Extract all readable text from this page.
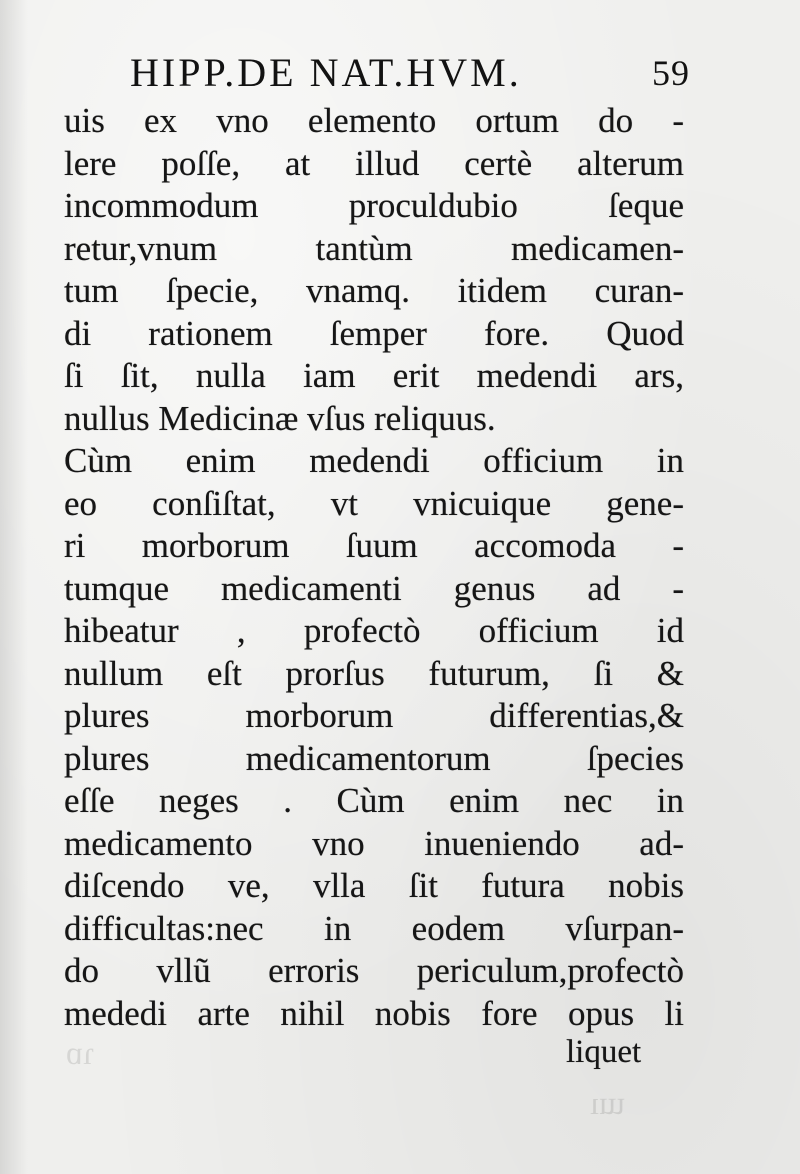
HIPP.DE NAT.HVM.	59
uis ex vno elemento ortum do -
lere poſſe, at illud certè alterum
incommodum proculdubio ſeque
retur,vnum tantùm medicamen-
tum ſpecie, vnamq. itidem curan-
di rationem ſemper fore. Quod
ſi ſit, nulla iam erit medendi ars,
nullus Medicinæ vſus reliquus.
Cùm enim medendi officium in
eo conſiſtat, vt vnicuique gene-
ri morborum ſuum accomoda -
tumque medicamenti genus ad -
hibeatur , profectò officium id
nullum eſt prorſus futurum, ſi &
plures morborum differentias,&
plures medicamentorum ſpecies
eſſe neges . Cùm enim nec in
medicamento vno inueniendo ad-
diſcendo ve, vlla ſit futura nobis
difficultas:nec in eodem vſurpan-
do vllũ erroris periculum,profectò
mededi arte nihil nobis fore opus li
liquet
ɿɒ
ɯı
